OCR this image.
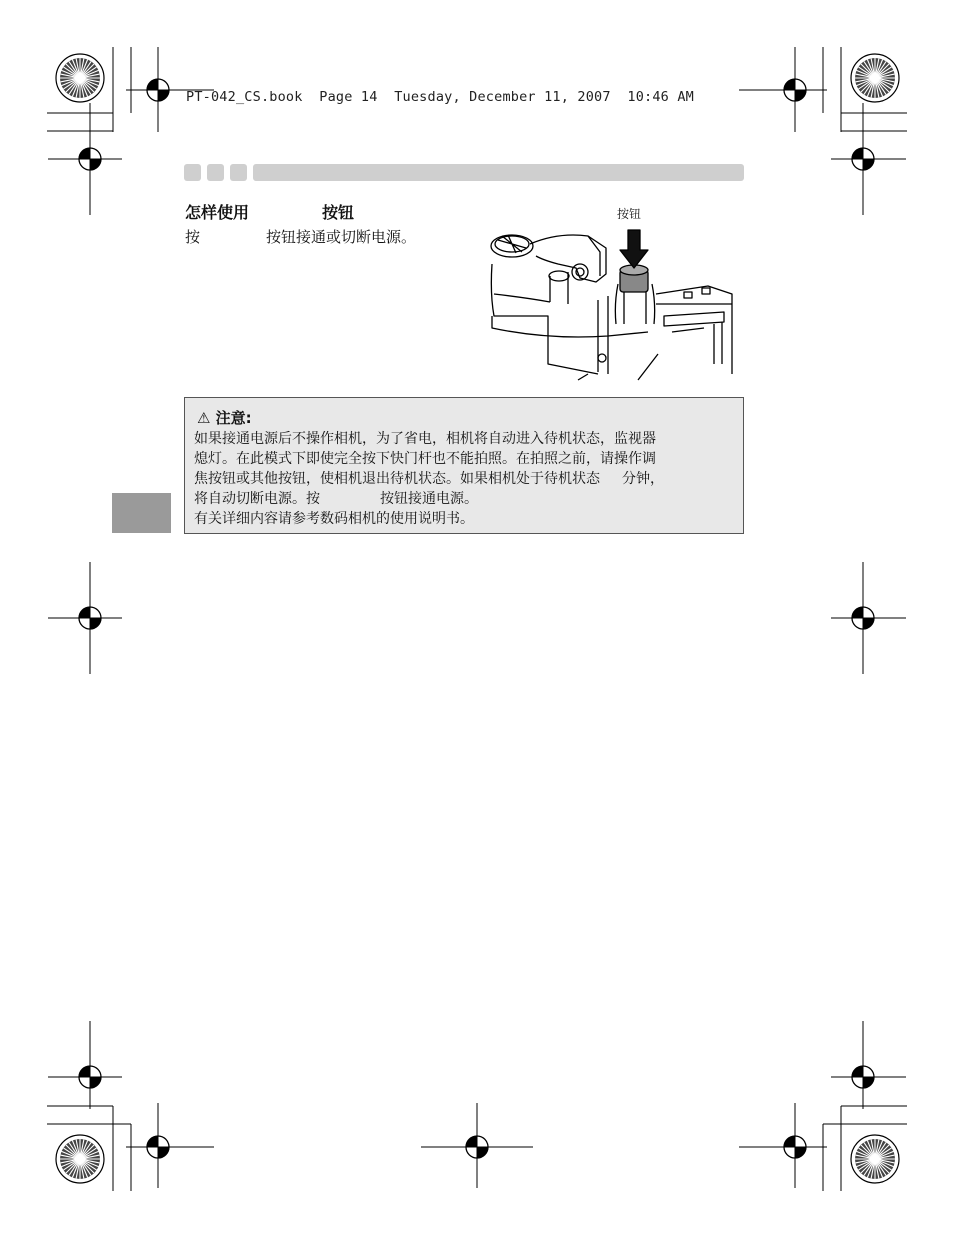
PT-042_CS.book  Page 14  Tuesday, December 11, 2007  10:46 AM
怎样使用	按钮
按	按钮接通或切断电源。
按钮
⚠ 注意:
如果接通电源后不操作相机，为了省电，相机将自动进入待机状态，监视器
熄灯。在此模式下即使完全按下快门杆也不能拍照。在拍照之前，请操作调
焦按钮或其他按钮，使相机退出待机状态。如果相机处于待机状态 分钟，
将自动切断电源。按	按钮接通电源。
有关详细内容请参考数码相机的使用说明书。
